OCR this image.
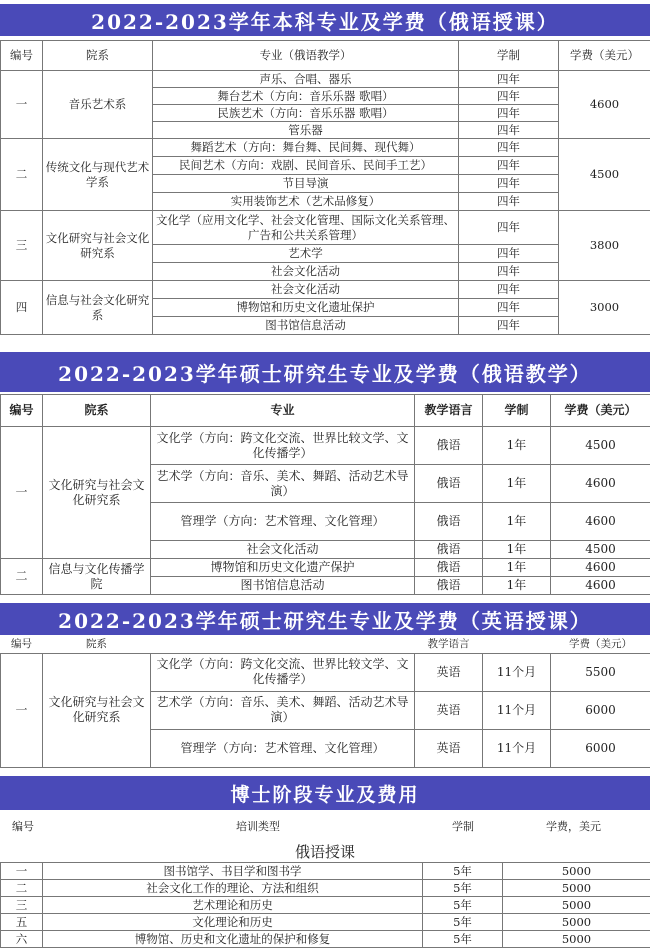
2022-2023学年本科专业及学费（俄语授课）
编号	院系	专业（俄语教学）	学制	学费（美元）
一	音乐艺术系	声乐、合唱、器乐	四年	4600
		舞台艺术（方向：音乐乐器 歌唱）	四年	
		民族艺术（方向：音乐乐器 歌唱）	四年	
		管乐器	四年	
二	传统文化与现代艺术学系	舞蹈艺术（方向：舞台舞、民间舞、现代舞）	四年	4500
		民间艺术（方向：戏剧、民间音乐、民间手工艺）	四年	
		节目导演	四年	
		实用装饰艺术（艺术品修复）	四年	
三	文化研究与社会文化研究系	文化学（应用文化学、社会文化管理、国际文化关系管理、广告和公共关系管理）	四年	3800
		艺术学	四年	
		社会文化活动	四年	
四	信息与社会文化研究系	社会文化活动	四年	3000
		博物馆和历史文化遗址保护	四年	
		图书馆信息活动	四年	
2022-2023学年硕士研究生专业及学费（俄语教学）
编号	院系	专业	教学语言	学制	学费（美元）
一	文化研究与社会文化研究系	文化学（方向：跨文化交流、世界比较文学、文化传播学）	俄语	1年	4500
		艺术学（方向：音乐、美术、舞蹈、活动艺术导演）	俄语	1年	4600
		管理学（方向：艺术管理、文化管理）	俄语	1年	4600
		社会文化活动	俄语	1年	4500
二	信息与文化传播学院	博物馆和历史文化遗产保护	俄语	1年	4600
		图书馆信息活动	俄语	1年	4600
2022-2023学年硕士研究生专业及学费（英语授课）
编号	院系		教学语言		学费（美元）
一	文化研究与社会文化研究系	文化学（方向：跨文化交流、世界比较文学、文化传播学）	英语	11个月	5500
		艺术学（方向：音乐、美术、舞蹈、活动艺术导演）	英语	11个月	6000
		管理学（方向：艺术管理、文化管理）	英语	11个月	6000
博士阶段专业及费用
编号	培训类型	学制	学费，美元
俄语授课
一	图书馆学、书目学和图书学	5年	5000
二	社会文化工作的理论、方法和组织	5年	5000
三	艺术理论和历史	5年	5000
五	文化理论和历史	5年	5000
六	博物馆、历史和文化遗址的保护和修复	5年	5000
